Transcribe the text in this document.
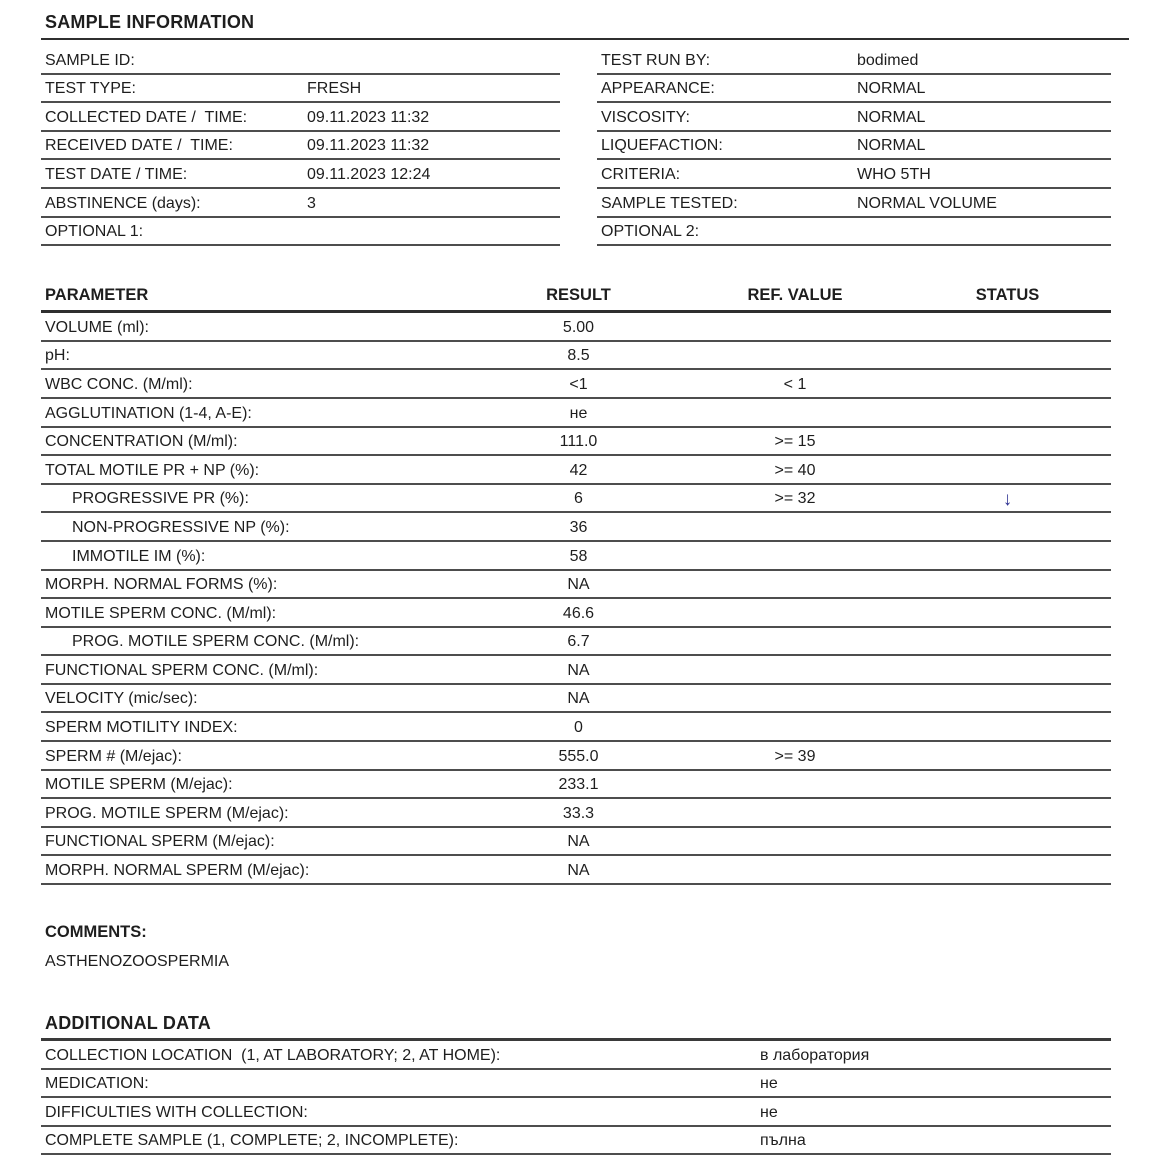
SAMPLE INFORMATION
SAMPLE ID:
TEST TYPE:	FRESH
COLLECTED DATE /  TIME:	09.11.2023 11:32
RECEIVED DATE /  TIME:	09.11.2023 11:32
TEST DATE / TIME:	09.11.2023 12:24
ABSTINENCE (days):	3
OPTIONAL 1:
TEST RUN BY:	bodimed
APPEARANCE:	NORMAL
VISCOSITY:	NORMAL
LIQUEFACTION:	NORMAL
CRITERIA:	WHO 5TH
SAMPLE TESTED:	NORMAL VOLUME
OPTIONAL 2:
PARAMETER	RESULT	REF. VALUE	STATUS
VOLUME (ml):	5.00
pH:	8.5
WBC CONC. (M/ml):	<1	< 1
AGGLUTINATION (1-4, A-E):	не
CONCENTRATION (M/ml):	111.0	>= 15
TOTAL MOTILE PR + NP (%):	42	>= 40
PROGRESSIVE PR (%):	6	>= 32	↓
NON-PROGRESSIVE NP (%):	36
IMMOTILE IM (%):	58
MORPH. NORMAL FORMS (%):	NA
MOTILE SPERM CONC. (M/ml):	46.6
PROG. MOTILE SPERM CONC. (M/ml):	6.7
FUNCTIONAL SPERM CONC. (M/ml):	NA
VELOCITY (mic/sec):	NA
SPERM MOTILITY INDEX:	0
SPERM # (M/ejac):	555.0	>= 39
MOTILE SPERM (M/ejac):	233.1
PROG. MOTILE SPERM (M/ejac):	33.3
FUNCTIONAL SPERM (M/ejac):	NA
MORPH. NORMAL SPERM (M/ejac):	NA
COMMENTS:
ASTHENOZOOSPERMIA
ADDITIONAL DATA
COLLECTION LOCATION  (1, AT LABORATORY; 2, AT HOME):	в лаборатория
MEDICATION:	не
DIFFICULTIES WITH COLLECTION:	не
COMPLETE SAMPLE (1, COMPLETE; 2, INCOMPLETE):	пълна
